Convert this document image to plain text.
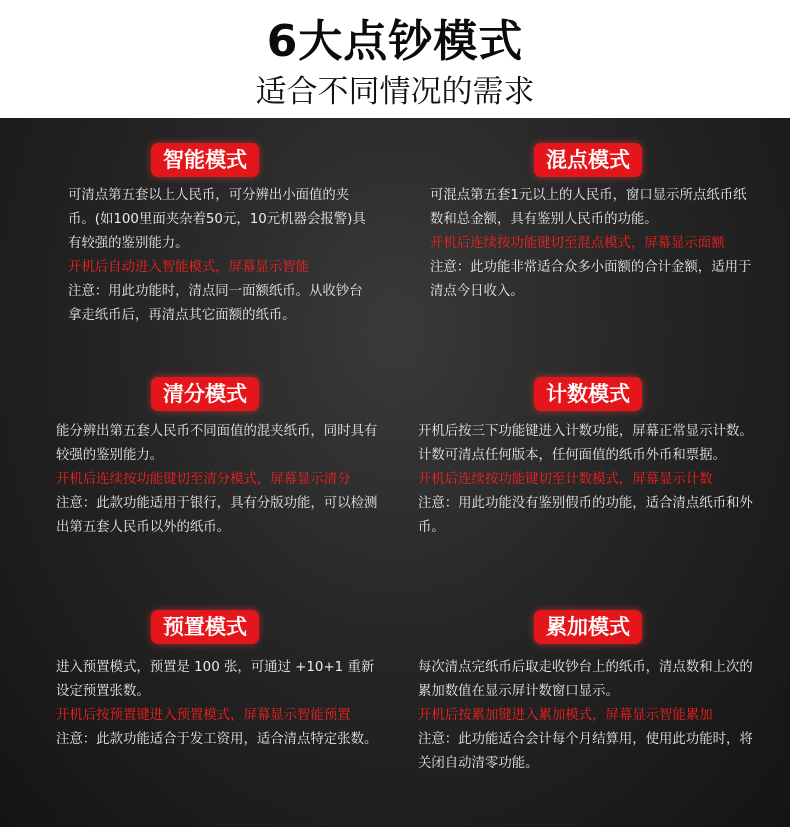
6大点钞模式
适合不同情况的需求
智能模式

可清点第五套以上人民币，可分辨出小面值的夹币。(如100里面夹杂着50元，10元机器会报警)具有较强的鉴别能力。

开机后自动进入智能模式，屏幕显示智能

注意：用此功能时，清点同一面额纸币。从收钞台拿走纸币后，再清点其它面额的纸币。

混点模式

可混点第五套1元以上的人民币，窗口显示所点纸币纸数和总金额，具有鉴别人民币的功能。

开机后连续按功能键切至混点模式，屏幕显示面额

注意：此功能非常适合众多小面额的合计金额，适用于清点今日收入。

清分模式

能分辨出第五套人民币不同面值的混夹纸币，同时具有较强的鉴别能力。

开机后连续按功能键切至清分模式，屏幕显示清分

注意：此款功能适用于银行，具有分版功能，可以检测出第五套人民币以外的纸币。

计数模式

开机后按三下功能键进入计数功能，屏幕正常显示计数。计数可清点任何版本，任何面值的纸币外币和票据。

开机后连续按功能键切至计数模式，屏幕显示计数

注意：用此功能没有鉴别假币的功能，适合清点纸币和外币。

预置模式

进入预置模式，预置是 100 张，可通过 +10+1 重新设定预置张数。

开机后按预置键进入预置模式，屏幕显示智能预置

注意：此款功能适合于发工资用，适合清点特定张数。

累加模式

每次清点完纸币后取走收钞台上的纸币，清点数和上次的累加数值在显示屏计数窗口显示。

开机后按累加键进入累加模式，屏幕显示智能累加

注意：此功能适合会计每个月结算用，使用此功能时，将关闭自动清零功能。
